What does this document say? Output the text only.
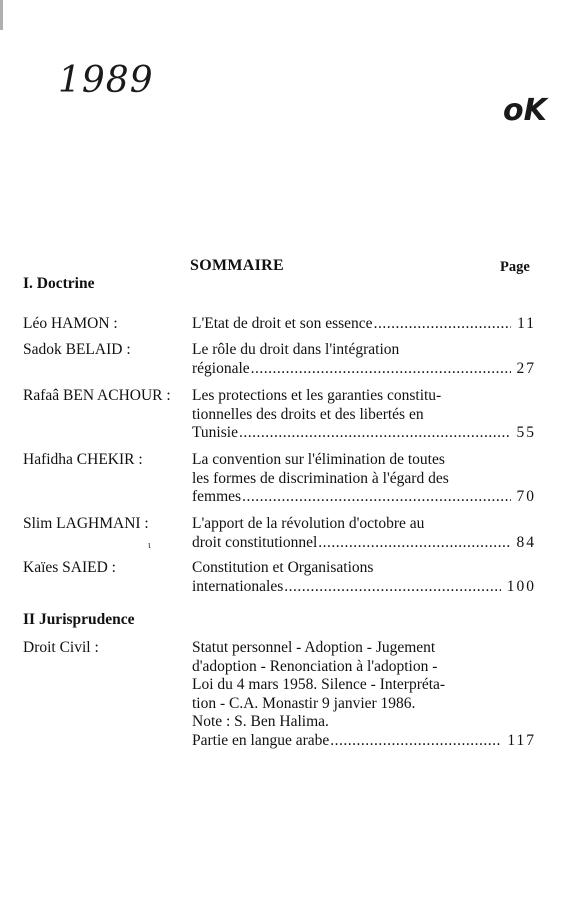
1989
oK
SOMMAIRE	Page
I. Doctrine
Léo HAMON :	L'Etat de droit et son essence .....	11
Sadok BELAID :	Le rôle du droit dans l'intégration
régionale .....	27
Rafaâ BEN ACHOUR : Les protections et les garanties constitu-
tionnelles des droits et des libertés en
Tunisie .....	55
Hafidha CHEKIR :	La convention sur l'élimination de toutes
les formes de discrimination à l'égard des
femmes .....	70
Slim LAGHMANI :	L'apport de la révolution d'octobre au
droit constitutionnel .....	84
ι
Kaïes SAIED :	Constitution et Organisations
internationales .....	100
II Jurisprudence
Droit Civil :	Statut personnel - Adoption - Jugement
d'adoption - Renonciation à l'adoption -
Loi du 4 mars 1958. Silence - Interpréta-
tion - C.A. Monastir 9 janvier 1986.
Note : S. Ben Halima.
Partie en langue arabe .....	117
